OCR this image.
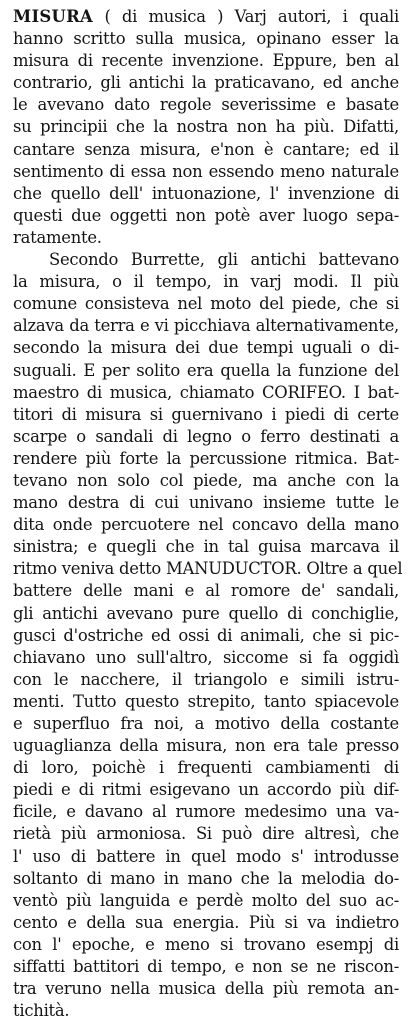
MISURA ( di musica ) Varj autori, i quali
hanno scritto sulla musica, opinano esser la
misura di recente invenzione. Eppure, ben al
contrario, gli antichi la praticavano, ed anche
le avevano dato regole severissime e basate
su principii che la nostra non ha più. Difatti,
cantare senza misura, e'non è cantare; ed il
sentimento di essa non essendo meno naturale
che quello dell' intuonazione, l' invenzione di
questi due oggetti non potè aver luogo sepa-
ratamente.
Secondo Burrette, gli antichi battevano
la misura, o il tempo, in varj modi. Il più
comune consisteva nel moto del piede, che si
alzava da terra e vi picchiava alternativamente,
secondo la misura dei due tempi uguali o di-
suguali. E per solito era quella la funzione del
maestro di musica, chiamato CORIFEO. I bat-
titori di misura si guernivano i piedi di certe
scarpe o sandali di legno o ferro destinati a
rendere più forte la percussione ritmica. Bat-
tevano non solo col piede, ma anche con la
mano destra di cui univano insieme tutte le
dita onde percuotere nel concavo della mano
sinistra; e quegli che in tal guisa marcava il
ritmo veniva detto MANUDUCTOR. Oltre a quel
battere delle mani e al romore de' sandali,
gli antichi avevano pure quello di conchiglie,
gusci d'ostriche ed ossi di animali, che si pic-
chiavano uno sull'altro, siccome si fa oggidì
con le nacchere, il triangolo e simili istru-
menti. Tutto questo strepito, tanto spiacevole
e superfluo fra noi, a motivo della costante
uguaglianza della misura, non era tale presso
di loro, poichè i frequenti cambiamenti di
piedi e di ritmi esigevano un accordo più dif-
ficile, e davano al rumore medesimo una va-
rietà più armoniosa. Si può dire altresì, che
l' uso di battere in quel modo s' introdusse
soltanto di mano in mano che la melodia do-
ventò più languida e perdè molto del suo ac-
cento e della sua energia. Più si va indietro
con l' epoche, e meno si trovano esempj di
siffatti battitori di tempo, e non se ne riscon-
tra veruno nella musica della più remota an-
tichità.
